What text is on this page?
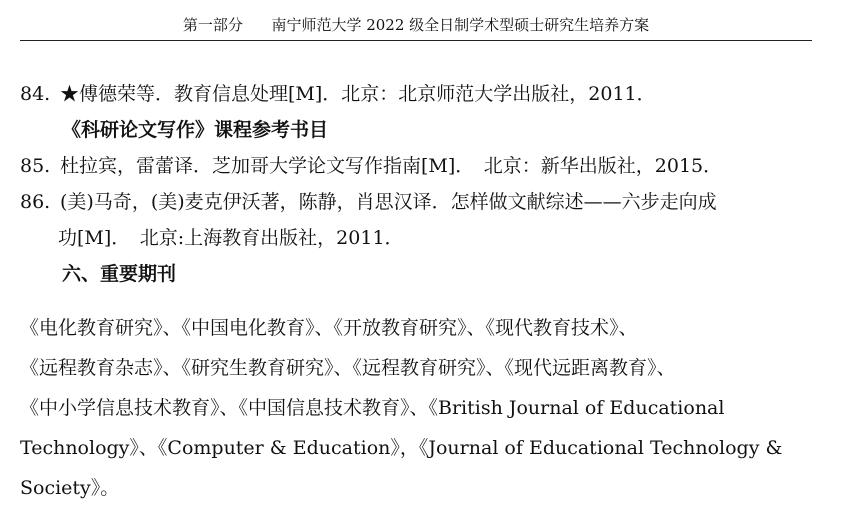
第一部分 南宁师范大学 2022 级全日制学术型硕士研究生培养方案
84. ★傅德荣等．教育信息处理[M]．北京：北京师范大学出版社，2011．
《科研论文写作》课程参考书目
85. 杜拉宾，雷蕾译．芝加哥大学论文写作指南[M]．　北京：新华出版社，2015．
86. (美)马奇，(美)麦克伊沃著，陈静，肖思汉译．怎样做文献综述——六步走向成
功[M]．　北京:上海教育出版社，2011．
六、重要期刊
《电化教育研究》、《中国电化教育》、《开放教育研究》、《现代教育技术》、
《远程教育杂志》、《研究生教育研究》、《远程教育研究》、《现代远距离教育》、
《中小学信息技术教育》、《中国信息技术教育》、《British Journal of Educational
Technology》、《Computer & Education》，《Journal of Educational Technology &
Society》。
